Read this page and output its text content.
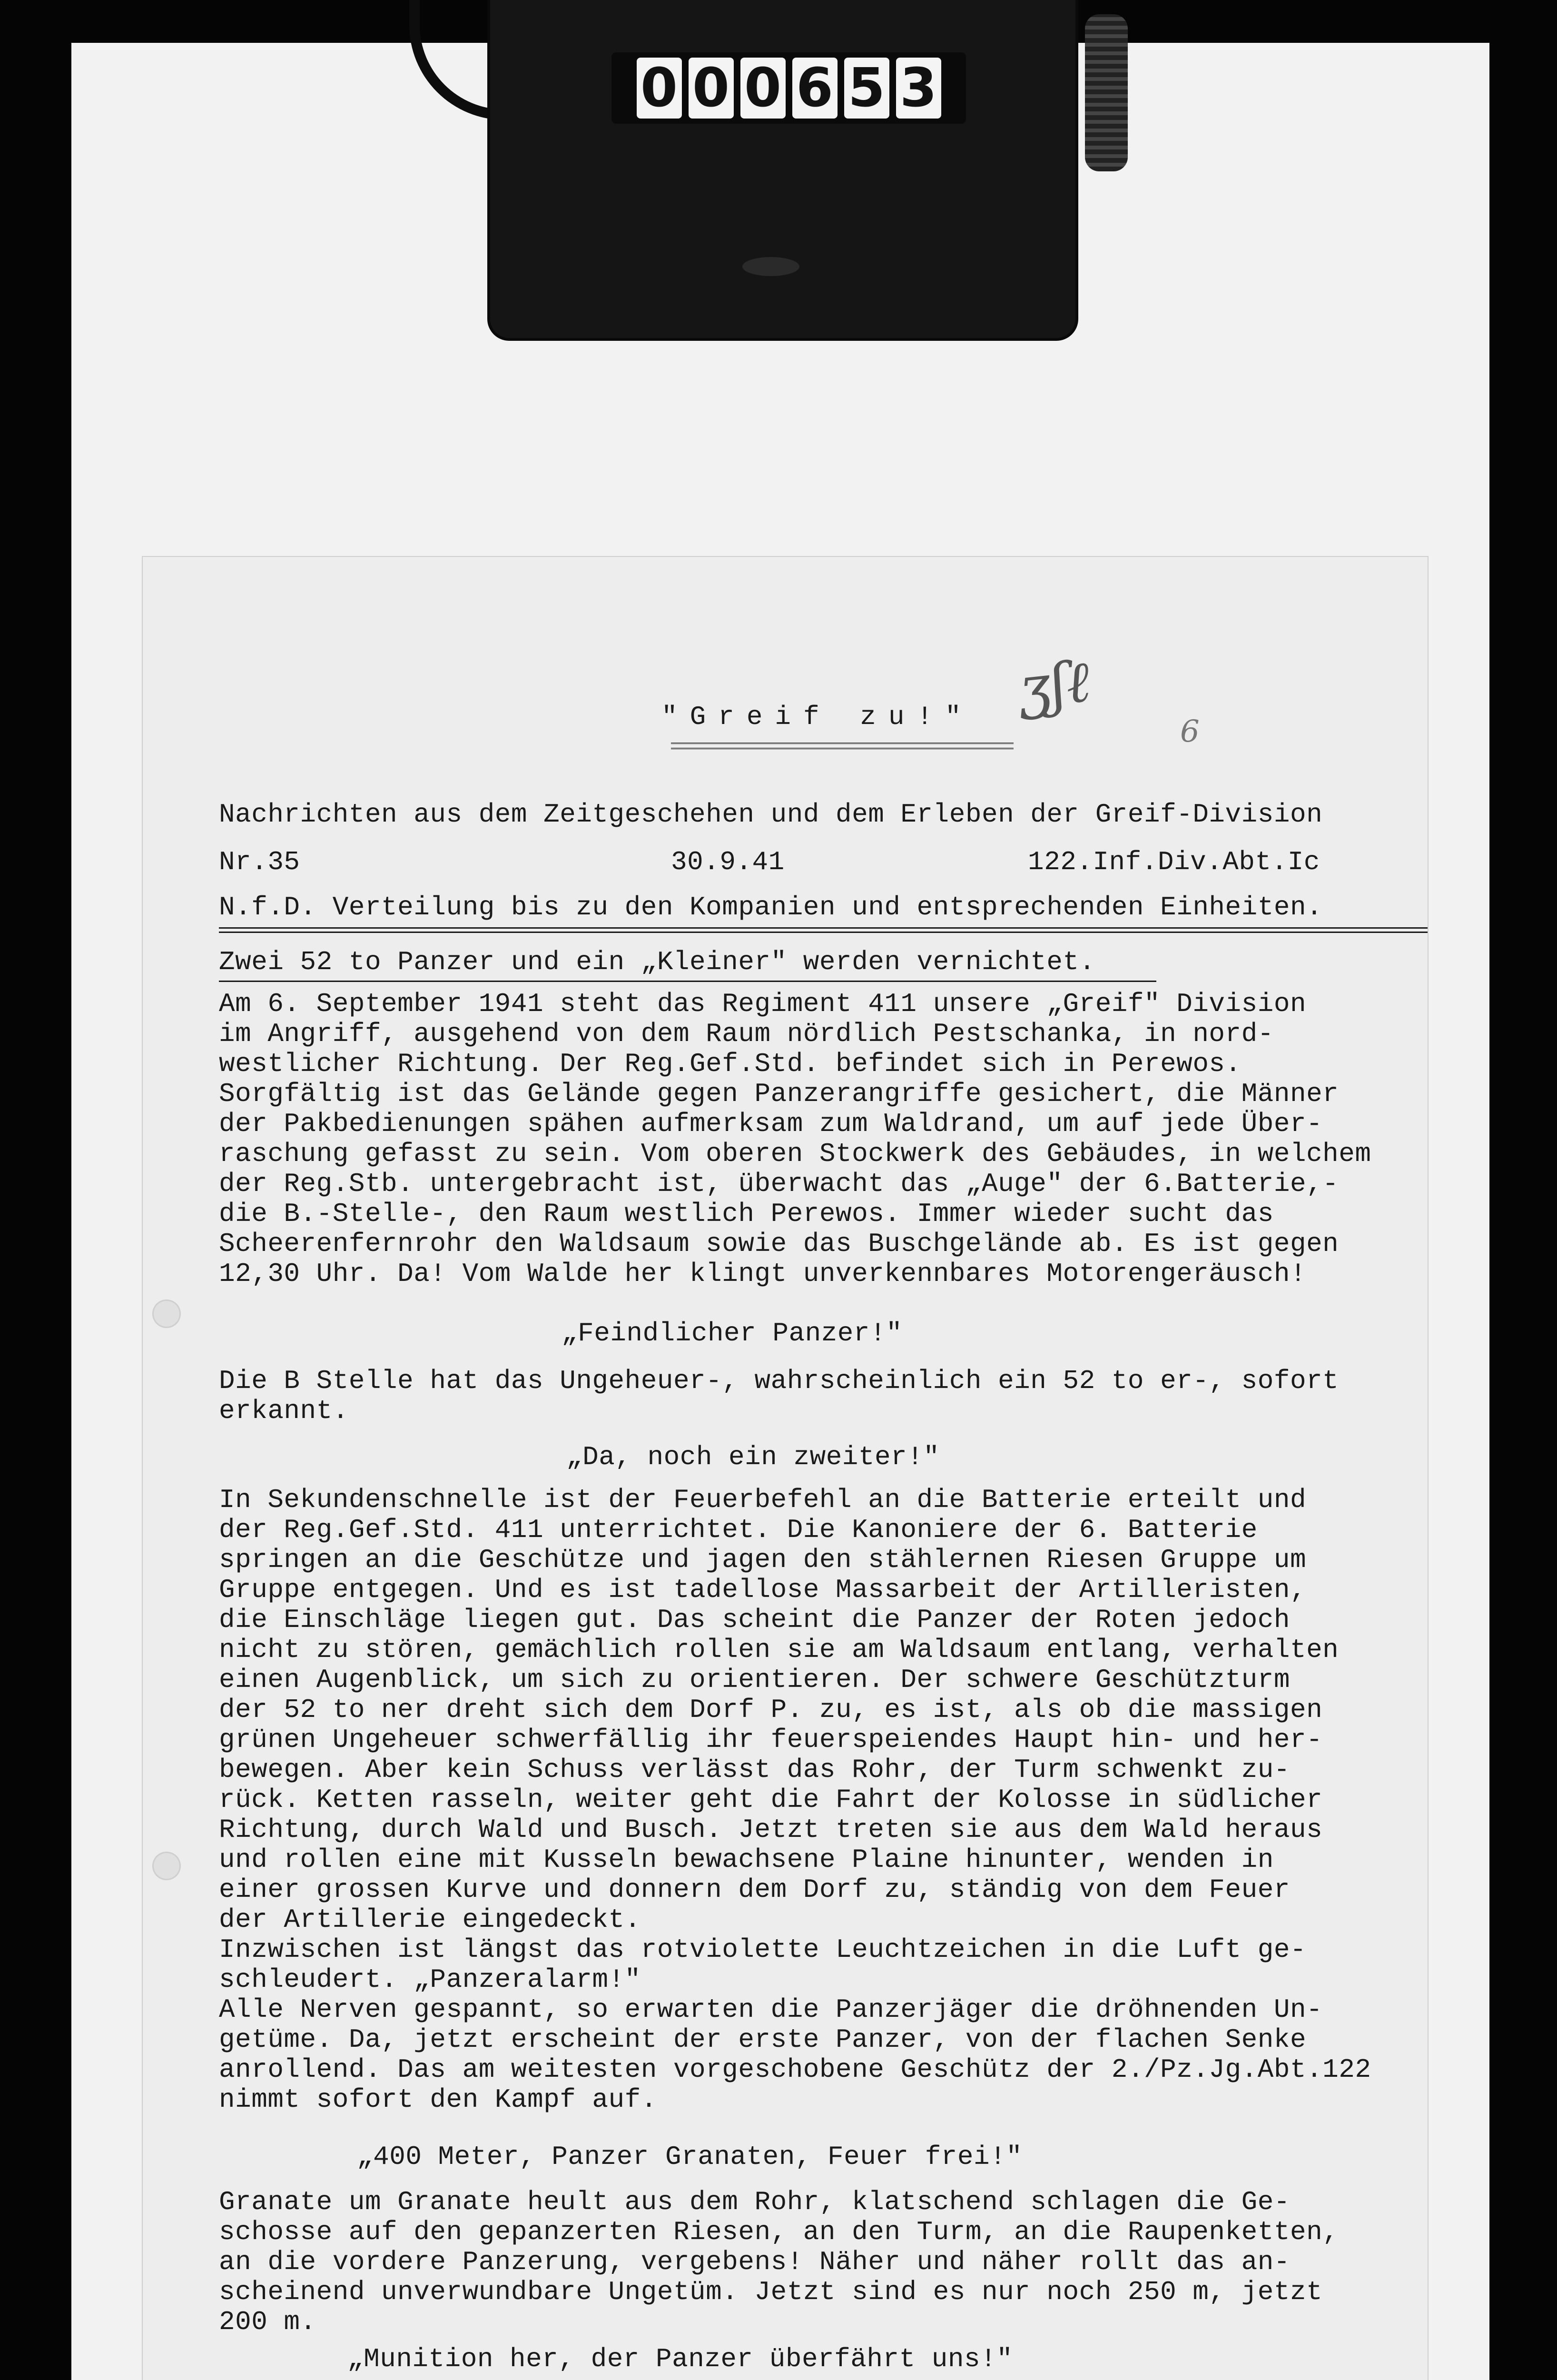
0 0 0 6 5 3
ʒʃℓ
6
"Greif zu!"
Nachrichten aus dem Zeitgeschehen und dem Erleben der Greif-Division
Nr.35	30.9.41	122.Inf.Div.Abt.Ic
N.f.D. Verteilung bis zu den Kompanien und entsprechenden Einheiten.
Zwei 52 to Panzer und ein „Kleiner" werden vernichtet.
Am 6. September 1941 steht das Regiment 411 unsere „Greif" Division
im Angriff, ausgehend von dem Raum nördlich Pestschanka, in nord-
westlicher Richtung. Der Reg.Gef.Std. befindet sich in Perewos.
Sorgfältig ist das Gelände gegen Panzerangriffe gesichert, die Männer
der Pakbedienungen spähen aufmerksam zum Waldrand, um auf jede Über-
raschung gefasst zu sein. Vom oberen Stockwerk des Gebäudes, in welchem
der Reg.Stb. untergebracht ist, überwacht das „Auge" der 6.Batterie,-
die B.-Stelle-, den Raum westlich Perewos. Immer wieder sucht das
Scheerenfernrohr den Waldsaum sowie das Buschgelände ab. Es ist gegen
12,30 Uhr. Da! Vom Walde her klingt unverkennbares Motorengeräusch!
„Feindlicher Panzer!"
Die B Stelle hat das Ungeheuer-, wahrscheinlich ein 52 to er-, sofort
erkannt.
„Da, noch ein zweiter!"
In Sekundenschnelle ist der Feuerbefehl an die Batterie erteilt und
der Reg.Gef.Std. 411 unterrichtet. Die Kanoniere der 6. Batterie
springen an die Geschütze und jagen den stählernen Riesen Gruppe um
Gruppe entgegen. Und es ist tadellose Massarbeit der Artilleristen,
die Einschläge liegen gut. Das scheint die Panzer der Roten jedoch
nicht zu stören, gemächlich rollen sie am Waldsaum entlang, verhalten
einen Augenblick, um sich zu orientieren. Der schwere Geschützturm
der 52 to ner dreht sich dem Dorf P. zu, es ist, als ob die massigen
grünen Ungeheuer schwerfällig ihr feuerspeiendes Haupt hin- und her-
bewegen. Aber kein Schuss verlässt das Rohr, der Turm schwenkt zu-
rück. Ketten rasseln, weiter geht die Fahrt der Kolosse in südlicher
Richtung, durch Wald und Busch. Jetzt treten sie aus dem Wald heraus
und rollen eine mit Kusseln bewachsene Plaine hinunter, wenden in
einer grossen Kurve und donnern dem Dorf zu, ständig von dem Feuer
der Artillerie eingedeckt.
Inzwischen ist längst das rotviolette Leuchtzeichen in die Luft ge-
schleudert. „Panzeralarm!"
Alle Nerven gespannt, so erwarten die Panzerjäger die dröhnenden Un-
getüme. Da, jetzt erscheint der erste Panzer, von der flachen Senke
anrollend. Das am weitesten vorgeschobene Geschütz der 2./Pz.Jg.Abt.122
nimmt sofort den Kampf auf.
„400 Meter, Panzer Granaten, Feuer frei!"
Granate um Granate heult aus dem Rohr, klatschend schlagen die Ge-
schosse auf den gepanzerten Riesen, an den Turm, an die Raupenketten,
an die vordere Panzerung, vergebens! Näher und näher rollt das an-
scheinend unverwundbare Ungetüm. Jetzt sind es nur noch 250 m, jetzt
200 m.
„Munition her, der Panzer überfährt uns!"
